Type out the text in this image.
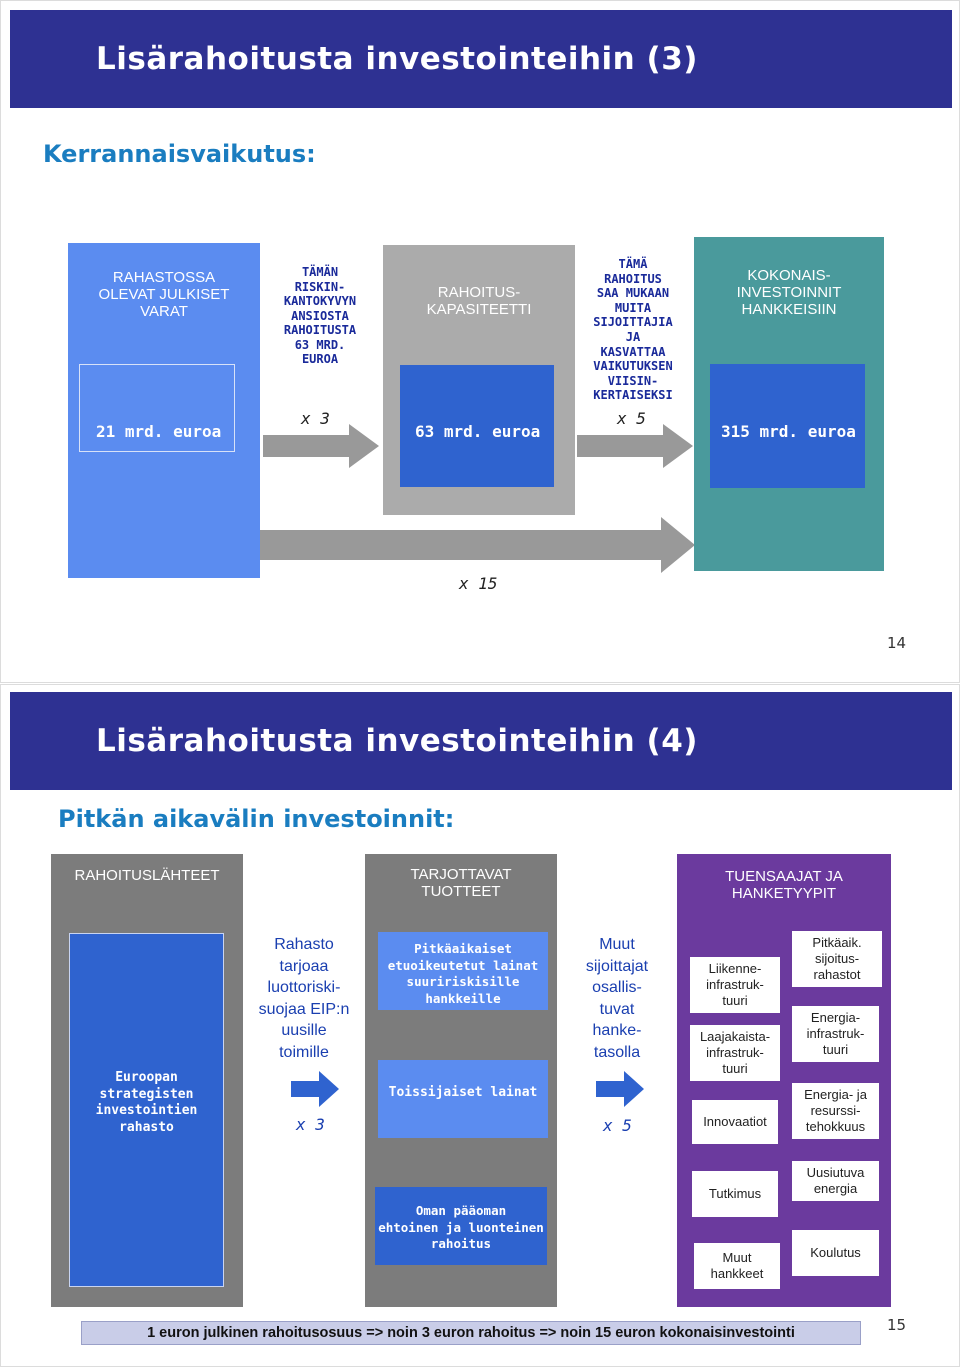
Lisärahoitusta investointeihin (3)
Kerrannaisvaikutus:
RAHASTOSSA
OLEVAT JULKISET
VARAT
21 mrd. euroa
TÄMÄN
RISKIN-
KANTOKYVYN
ANSIOSTA
RAHOITUSTA
63 MRD.
EUROA
x 3
RAHOITUS-
KAPASITEETTI
63 mrd. euroa
TÄMÄ
RAHOITUS
SAA MUKAAN
MUITA
SIJOITTAJIA
JA
KASVATTAA
VAIKUTUKSEN
VIISIN-
KERTAISEKSI
x 5
KOKONAIS-
INVESTOINNIT
HANKKEISIIN
315 mrd. euroa
x 15
14
Lisärahoitusta investointeihin (4)
Pitkän aikavälin investoinnit:
RAHOITUSLÄHTEET
Euroopan
strategisten
investointien
rahasto
Rahasto
tarjoaa
luottoriski-
suojaa EIP:n
uusille
toimille
x 3
TARJOTTAVAT
TUOTTEET
Pitkäaikaiset
etuoikeutetut lainat
suuririskisille
hankkeille
Toissijaiset lainat
Oman pääoman
ehtoinen ja luonteinen
rahoitus
Muut
sijoittajat
osallis-
tuvat
hanke-
tasolla
x 5
TUENSAAJAT JA
HANKETYYPIT
Liikenne-
infrastruk-
tuuri
Pitkäaik.
sijoitus-
rahastot
Laajakaista-
infrastruk-
tuuri
Energia-
infrastruk-
tuuri
Energia- ja
resurssi-
tehokkuus
Innovaatiot
Tutkimus
Uusiutuva
energia
Muut
hankkeet
Koulutus
1 euron julkinen rahoitusosuus => noin 3 euron rahoitus => noin 15 euron kokonaisinvestointi	15
